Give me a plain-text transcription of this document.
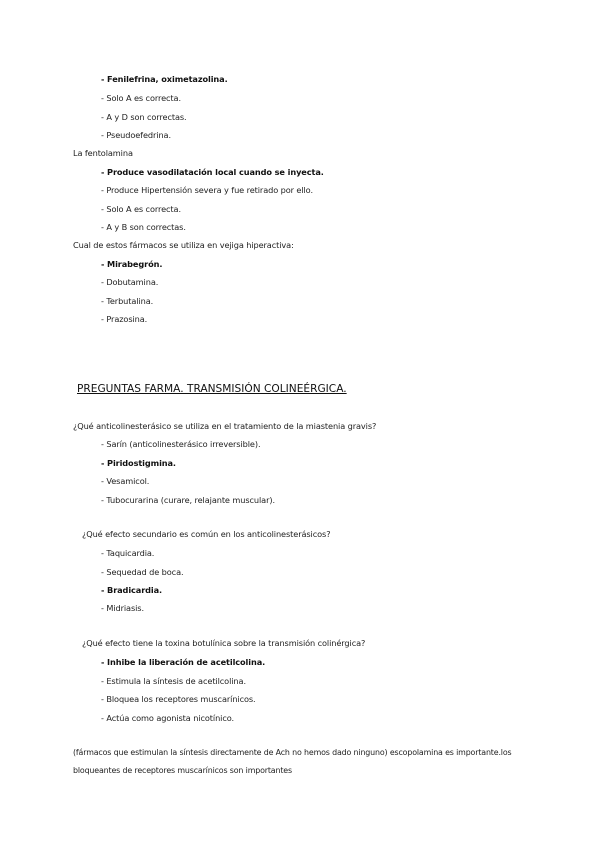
- Fenilefrina, oximetazolina.
- Solo A es correcta.
- A y D son correctas.
- Pseudoefedrina.
La fentolamina
- Produce vasodilatación local cuando se inyecta.
- Produce Hipertensión severa y fue retirado por ello.
- Solo A es correcta.
- A y B son correctas.
Cual de estos fármacos se utiliza en vejiga hiperactiva:
- Mirabegrón.
- Dobutamina.
- Terbutalina.
- Prazosina.
PREGUNTAS FARMA. TRANSMISIÓN COLINEÉRGICA.
¿Qué anticolinesterásico se utiliza en el tratamiento de la miastenia gravis?
- Sarín (anticolinesterásico irreversible).
- Piridostigmina.
- Vesamicol.
- Tubocurarina (curare, relajante muscular).
¿Qué efecto secundario es común en los anticolinesterásicos?
- Taquicardia.
- Sequedad de boca.
- Bradicardia.
- Midriasis.
¿Qué efecto tiene la toxina botulínica sobre la transmisión colinérgica?
- Inhibe la liberación de acetilcolina.
- Estimula la síntesis de acetilcolina.
- Bloquea los receptores muscarínicos.
- Actúa como agonista nicotínico.
(fármacos que estimulan la síntesis directamente de Ach no hemos dado ninguno) escopolamina es importante.los
bloqueantes de receptores muscarínicos son importantes
